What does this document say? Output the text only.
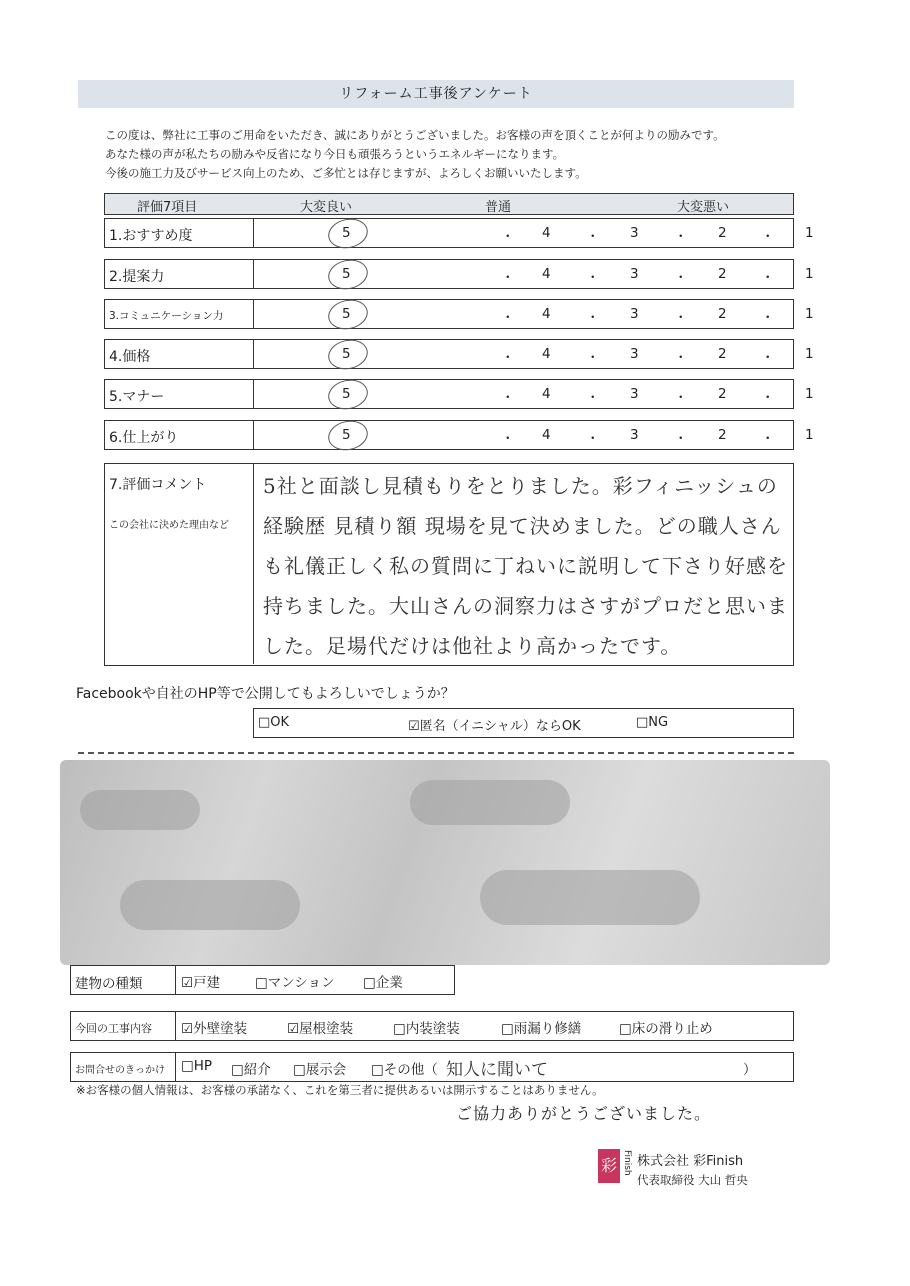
リフォーム工事後アンケート
この度は、弊社に工事のご用命をいただき、誠にありがとうございました。お客様の声を頂くことが何よりの励みです。
あなた様の声が私たちの励みや反省になり今日も頑張ろうというエネルギーになります。
今後の施工力及びサービス向上のため、ご多忙とは存じますが、よろしくお願いいたします。
評価7項目	大変良い	普通	大変悪い
1.おすすめ度	5	4	3	2	1
・	・	・	・
2.提案力	5	4	3	2	1
・	・	・	・
3.コミュニケーション力	5	4	3	2	1
・	・	・	・
4.価格	5	4	3	2	1
・	・	・	・
5.マナー	5	4	3	2	1
・	・	・	・
6.仕上がり	5	4	3	2	1
・	・	・	・
7.評価コメント
この会社に決めた理由など
5社と面談し見積もりをとりました。彩フィニッシュの経験歴 見積り額 現場を見て決めました。どの職人さんも礼儀正しく私の質問に丁ねいに説明して下さり好感を持ちました。大山さんの洞察力はさすがプロだと思いました。足場代だけは他社より高かったです。
Facebookや自社のHP等で公開してもよろしいでしょうか？
□OK	☑匿名（イニシャル）ならOK	□NG
建物の種類	☑戸建	□マンション □企業
今回の工事内容 ☑外壁塗装	☑屋根塗装	□内装塗装	□雨漏り修繕	□床の滑り止め
お問合せのきっかけ □HP □紹介 □展示会 □その他（ 知人に聞いて	）
※お客様の個人情報は、お客様の承諾なく、これを第三者に提供あるいは開示することはありません。
ご協力ありがとうございました。
彩 Finish 株式会社 彩Finish
代表取締役 大山 哲央
